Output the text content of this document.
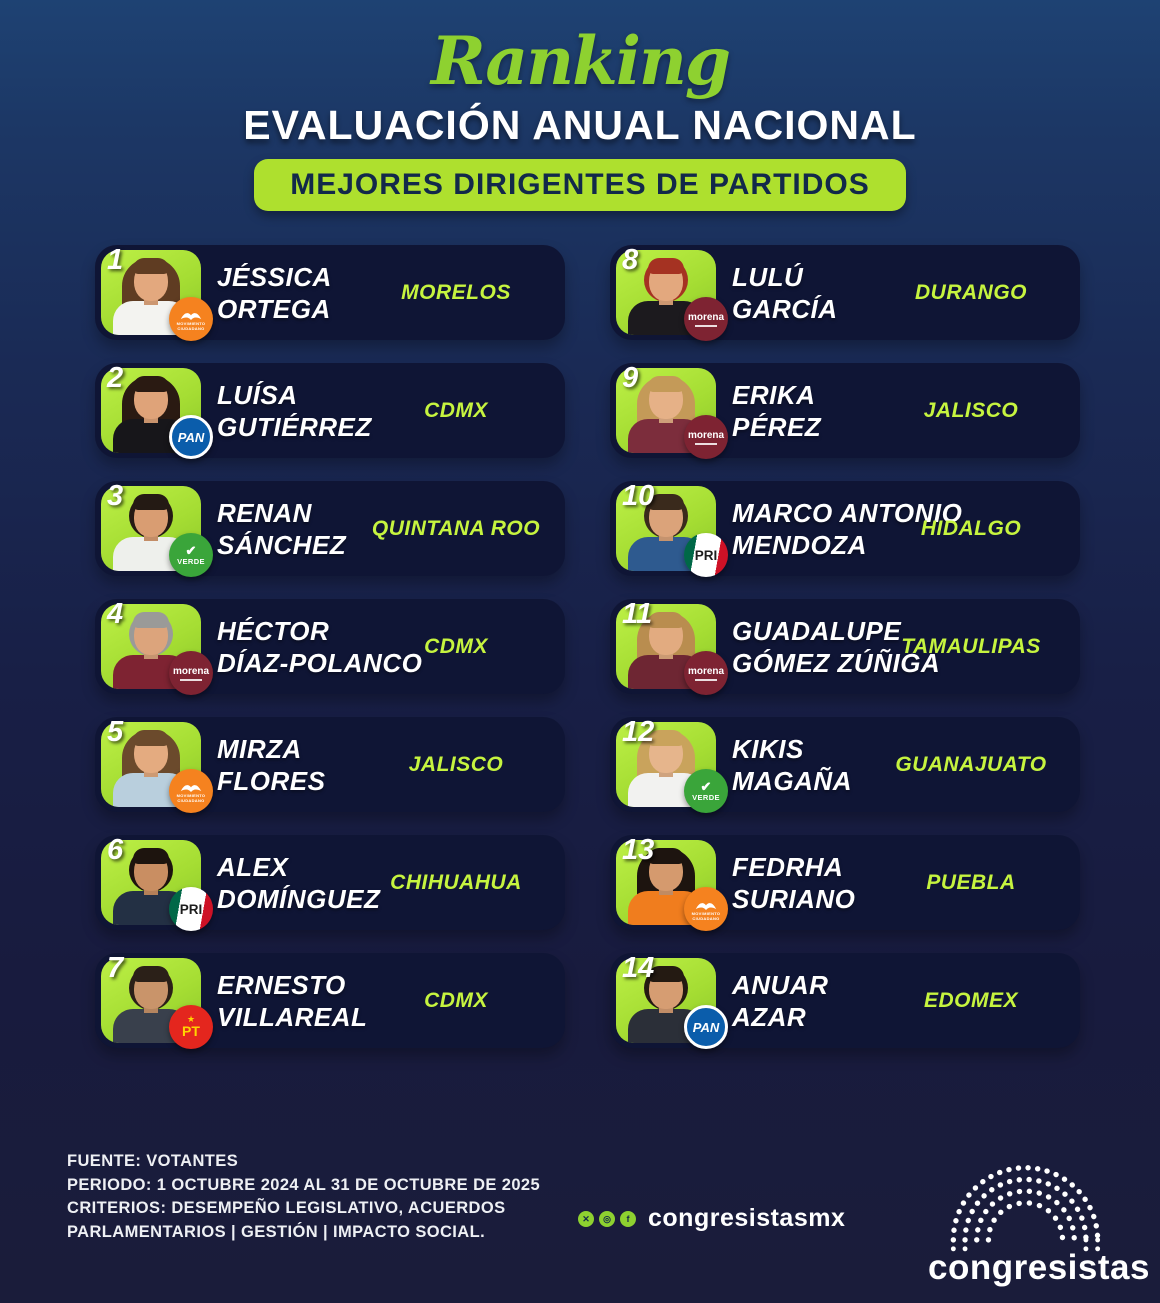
Ranking
EVALUACIÓN ANUAL NACIONAL
MEJORES DIRIGENTES DE PARTIDOS
1
MOVIMIENTO
CIUDADANO
JÉSSICA
ORTEGA
MORELOS
2
PAN
LUÍSA
GUTIÉRREZ
CDMX
3
✔
VERDE
RENAN
SÁNCHEZ
QUINTANA ROO
4
morena
HÉCTOR
DÍAZ-POLANCO
CDMX
5
MOVIMIENTO
CIUDADANO
MIRZA
FLORES
JALISCO
6
PRI
ALEX
DOMÍNGUEZ
CHIHUAHUA
7
★
PT
ERNESTO
VILLAREAL
CDMX
8
morena
LULÚ
GARCÍA
DURANGO
9
morena
ERIKA
PÉREZ
JALISCO
10
PRI
MARCO ANTONIO
MENDOZA
HIDALGO
11
morena
GUADALUPE
GÓMEZ ZÚÑIGA
TAMAULIPAS
12
✔
VERDE
KIKIS
MAGAÑA
GUANAJUATO
13
MOVIMIENTO
CIUDADANO
FEDRHA
SURIANO
PUEBLA
14
PAN
ANUAR
AZAR
EDOMEX
FUENTE: VOTANTES
PERIODO: 1 OCTUBRE 2024 AL 31 DE OCTUBRE DE 2025
CRITERIOS: DESEMPEÑO LEGISLATIVO, ACUERDOS
PARLAMENTARIOS | GESTIÓN | IMPACTO SOCIAL.
✕	◎	f congresistasmx
congresistas
